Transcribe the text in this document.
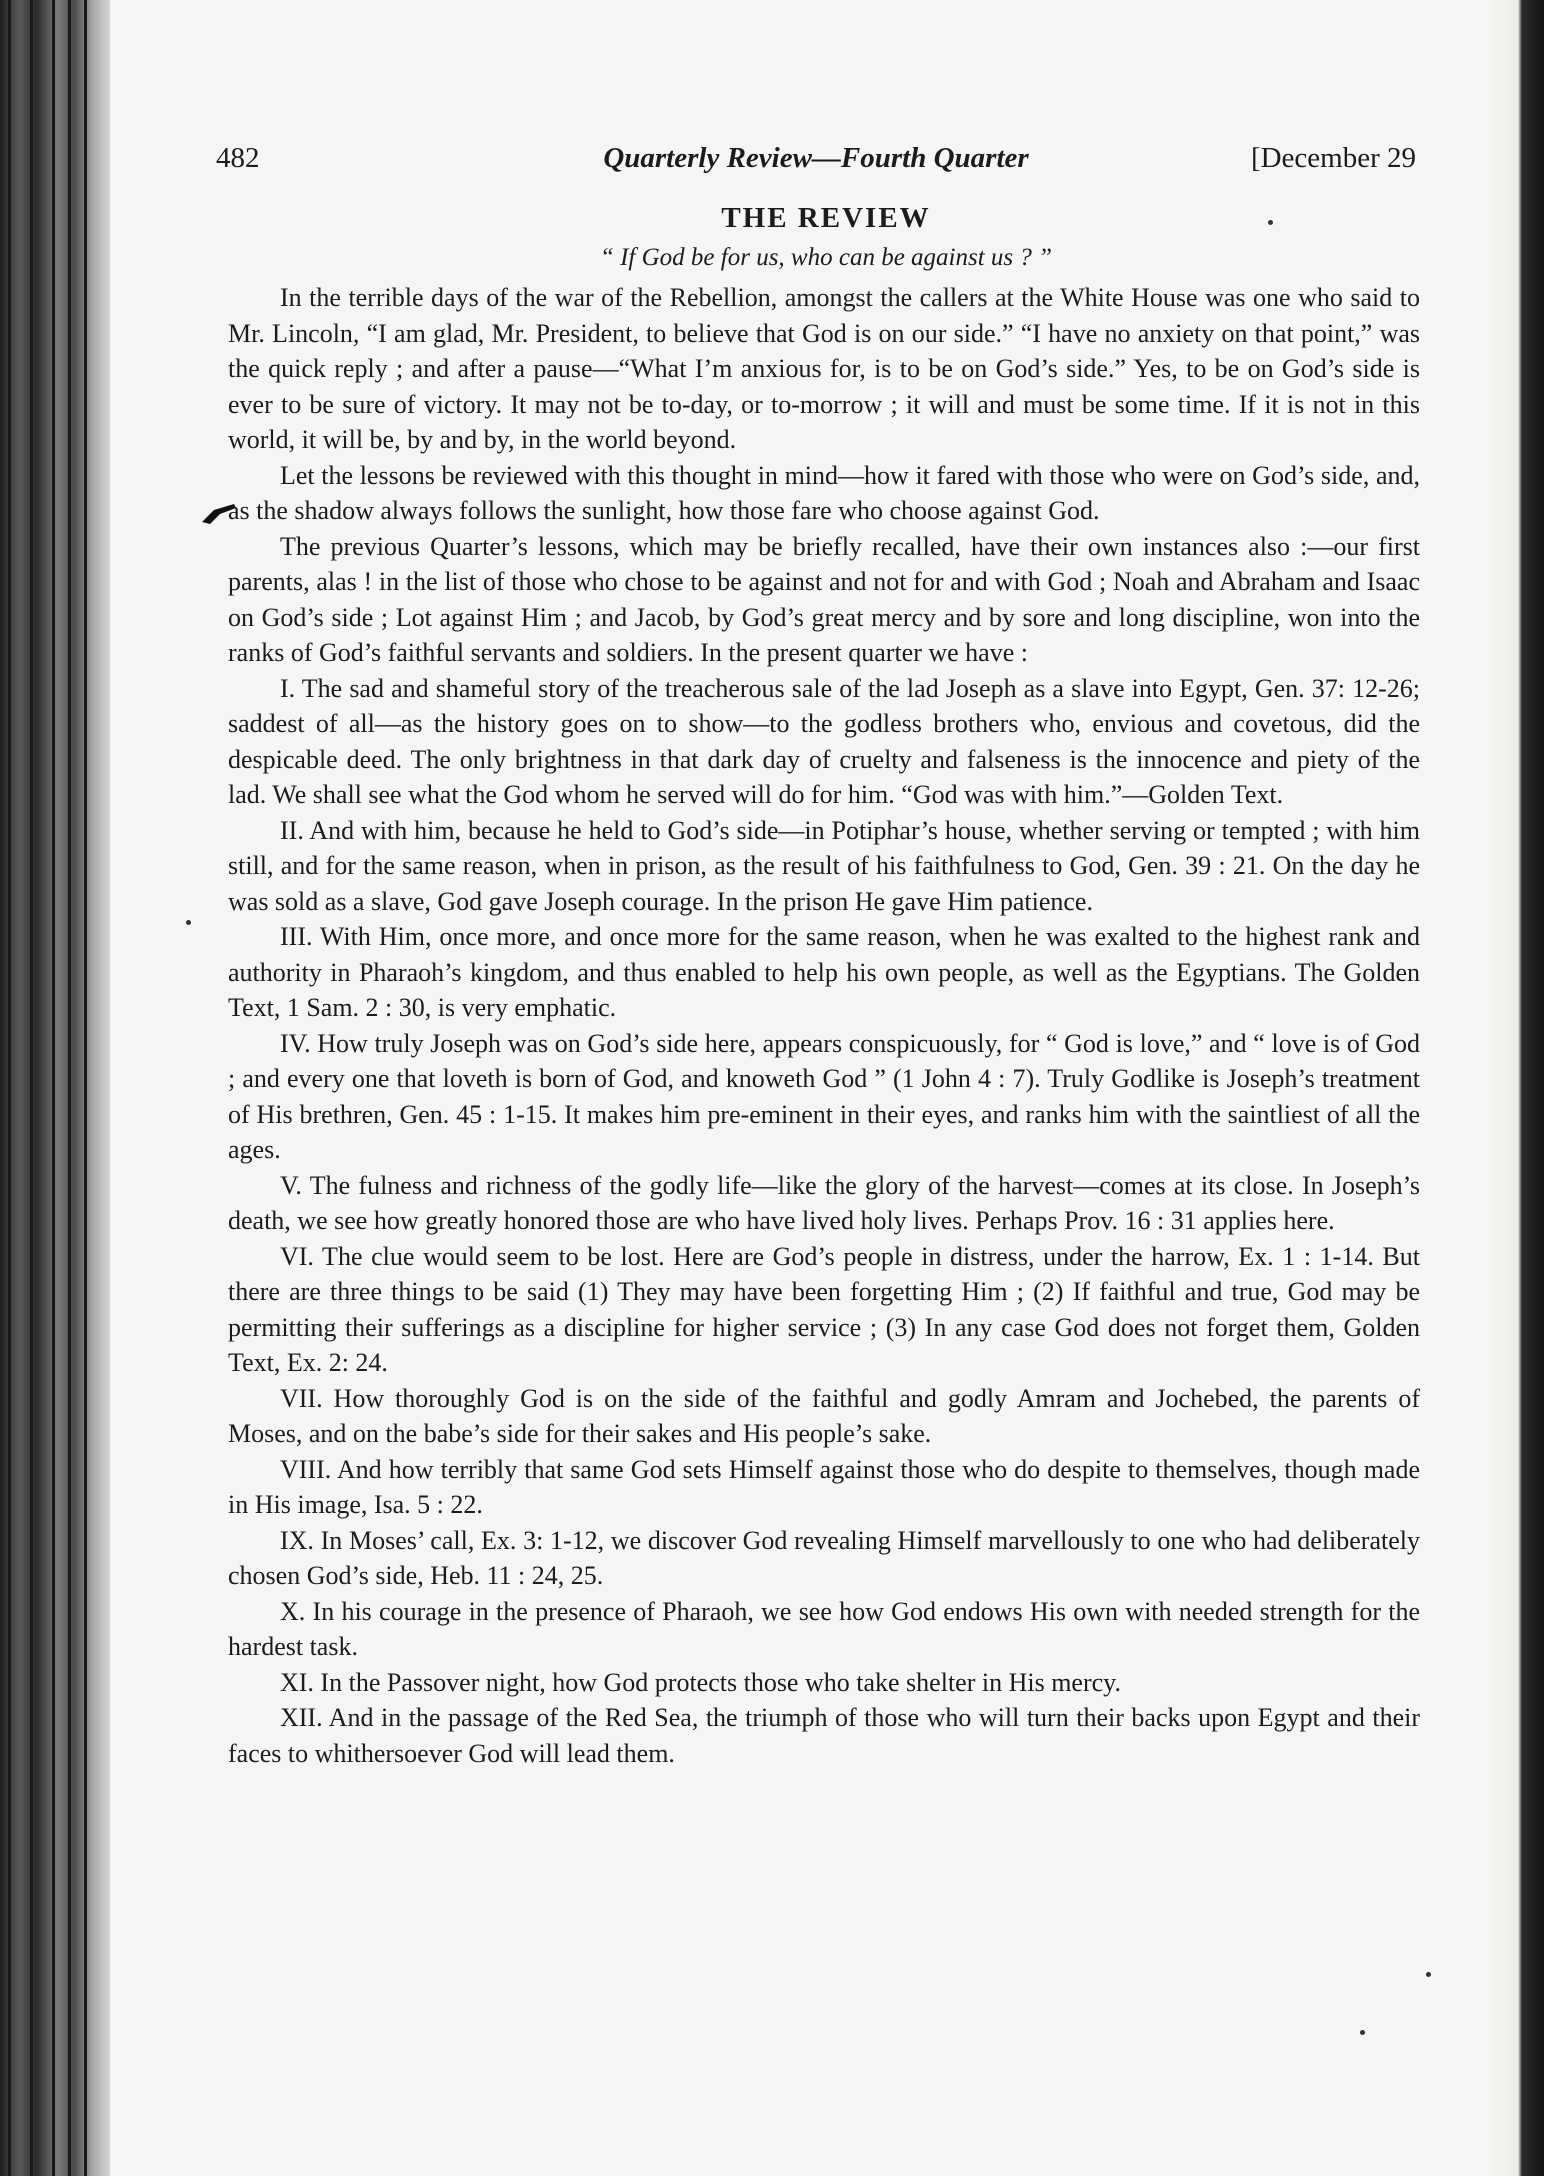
482	Quarterly Review—Fourth Quarter	[December 29
THE REVIEW
“ If God be for us, who can be against us ? ”

In the terrible days of the war of the Rebellion, amongst the callers at the White House was one who said to Mr. Lincoln, “I am glad, Mr. President, to believe that God is on our side.” “I have no anxiety on that point,” was the quick reply ; and after a pause—“What I’m anxious for, is to be on God’s side.” Yes, to be on God’s side is ever to be sure of victory. It may not be to-day, or to-morrow ; it will and must be some time. If it is not in this world, it will be, by and by, in the world beyond.

Let the lessons be reviewed with this thought in mind—how it fared with those who were on God’s side, and, as the shadow always follows the sunlight, how those fare who choose against God.

The previous Quarter’s lessons, which may be briefly recalled, have their own instances also :—our first parents, alas ! in the list of those who chose to be against and not for and with God ; Noah and Abraham and Isaac on God’s side ; Lot against Him ; and Jacob, by God’s great mercy and by sore and long discipline, won into the ranks of God’s faithful servants and soldiers. In the present quarter we have :

I. The sad and shameful story of the treacherous sale of the lad Joseph as a slave into Egypt, Gen. 37: 12-26; saddest of all—as the history goes on to show—to the godless brothers who, envious and covetous, did the despicable deed. The only brightness in that dark day of cruelty and falseness is the innocence and piety of the lad. We shall see what the God whom he served will do for him. “God was with him.”—Golden Text.

II. And with him, because he held to God’s side—in Potiphar’s house, whether serving or tempted ; with him still, and for the same reason, when in prison, as the result of his faithfulness to God, Gen. 39 : 21. On the day he was sold as a slave, God gave Joseph courage. In the prison He gave Him patience.

III. With Him, once more, and once more for the same reason, when he was exalted to the highest rank and authority in Pharaoh’s kingdom, and thus enabled to help his own people, as well as the Egyptians. The Golden Text, 1 Sam. 2 : 30, is very emphatic.

IV. How truly Joseph was on God’s side here, appears conspicuously, for “ God is love,” and “ love is of God ; and every one that loveth is born of God, and knoweth God ” (1 John 4 : 7). Truly Godlike is Joseph’s treatment of His brethren, Gen. 45 : 1-15. It makes him pre-eminent in their eyes, and ranks him with the saintliest of all the ages.

V. The fulness and richness of the godly life—like the glory of the harvest—comes at its close. In Joseph’s death, we see how greatly honored those are who have lived holy lives. Perhaps Prov. 16 : 31 applies here.

VI. The clue would seem to be lost. Here are God’s people in distress, under the harrow, Ex. 1 : 1-14. But there are three things to be said (1) They may have been forgetting Him ; (2) If faithful and true, God may be permitting their sufferings as a discipline for higher service ; (3) In any case God does not forget them, Golden Text, Ex. 2: 24.

VII. How thoroughly God is on the side of the faithful and godly Amram and Jochebed, the parents of Moses, and on the babe’s side for their sakes and His people’s sake.

VIII. And how terribly that same God sets Himself against those who do despite to themselves, though made in His image, Isa. 5 : 22.

IX. In Moses’ call, Ex. 3: 1-12, we discover God revealing Himself marvellously to one who had deliberately chosen God’s side, Heb. 11 : 24, 25.

X. In his courage in the presence of Pharaoh, we see how God endows His own with needed strength for the hardest task.

XI. In the Passover night, how God protects those who take shelter in His mercy.

XII. And in the passage of the Red Sea, the triumph of those who will turn their backs upon Egypt and their faces to whithersoever God will lead them.
